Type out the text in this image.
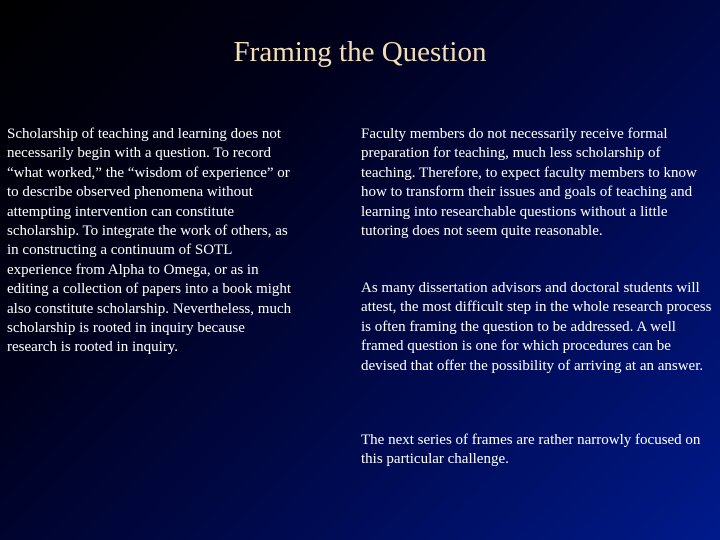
Framing the Question

Scholarship of teaching and learning does not necessarily begin with a question. To record “what worked,” the “wisdom of experience” or to describe observed phenomena without attempting intervention can constitute scholarship. To integrate the work of others, as in constructing a continuum of SOTL experience from Alpha to Omega, or as in editing a collection of papers into a book might also constitute scholarship. Nevertheless, much scholarship is rooted in inquiry because research is rooted in inquiry.

Faculty members do not necessarily receive formal preparation for teaching, much less scholarship of teaching. Therefore, to expect faculty members to know how to transform their issues and goals of teaching and learning into researchable questions without a little tutoring does not seem quite reasonable.

As many dissertation advisors and doctoral students will attest, the most difficult step in the whole research process is often framing the question to be addressed. A well framed question is one for which procedures can be devised that offer the possibility of arriving at an answer.

The next series of frames are rather narrowly focused on this particular challenge.
